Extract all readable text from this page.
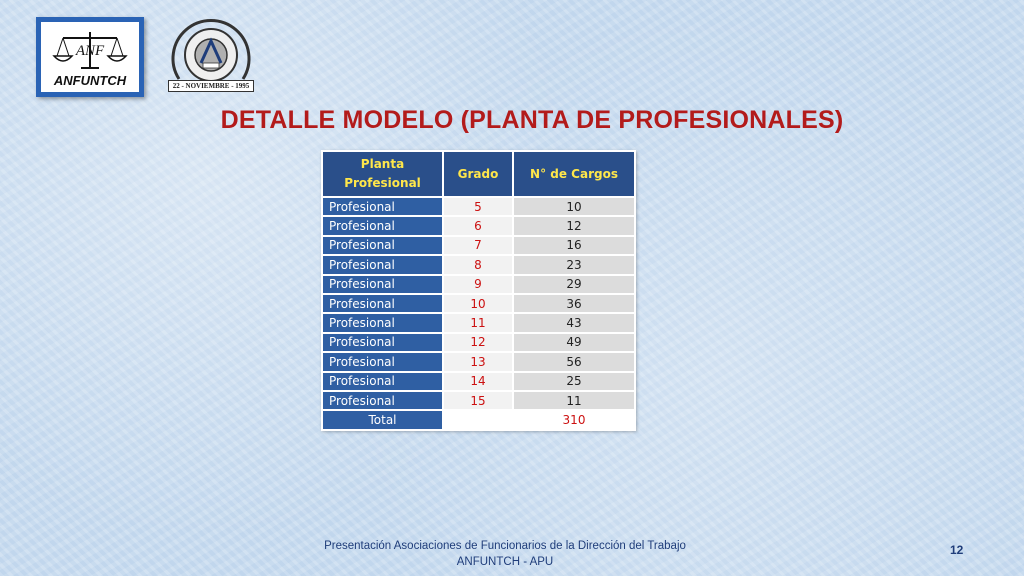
ANF
ANFUNTCH	22 - NOVIEMBRE - 1995
DETALLE MODELO (PLANTA DE PROFESIONALES)
Planta
Profesional	Grado	N° de Cargos
Profesional	5	10
Profesional	6	12
Profesional	7	16
Profesional	8	23
Profesional	9	29
Profesional	10	36
Profesional	11	43
Profesional	12	49
Profesional	13	56
Profesional	14	25
Profesional	15	11
Total		310
Presentación Asociaciones de Funcionarios de la Dirección del Trabajo
ANFUNTCH - APU
12
